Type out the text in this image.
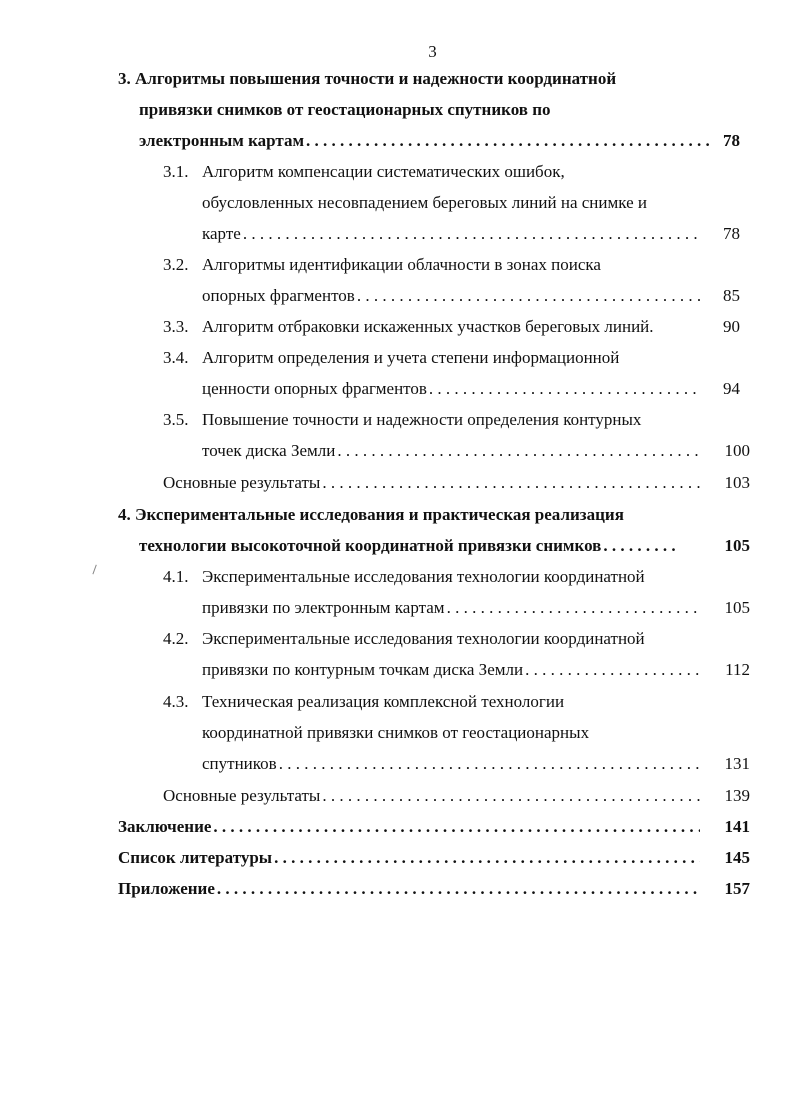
3
3. Алгоритмы повышения точности и надежности координатной
привязки снимков от геостационарных спутников по
электронным картам . . .	78
3.1. Алгоритм компенсации систематических ошибок,
обусловленных несовпадением береговых линий на снимке и
карте . . .	78
3.2. Алгоритмы идентификации облачности в зонах поиска
опорных фрагментов . . .	85
3.3. Алгоритм отбраковки искаженных участков береговых линий.	90
3.4. Алгоритм определения и учета степени информационной
ценности опорных фрагментов . . .	94
3.5. Повышение точности и надежности определения контурных
точек диска Земли . . .	100
Основные результаты . . .	103
4. Экспериментальные исследования и практическая реализация
технологии высокоточной координатной привязки снимков . . .	105
4.1. Экспериментальные исследования технологии координатной
привязки по электронным картам . . .	105
4.2. Экспериментальные исследования технологии координатной
привязки по контурным точкам диска Земли . . .	112
4.3. Техническая реализация комплексной технологии
координатной привязки снимков от геостационарных
спутников . . .	131
Основные результаты . . .	139
Заключение . . .	141
Список литературы . . .	145
Приложение . . .	157
